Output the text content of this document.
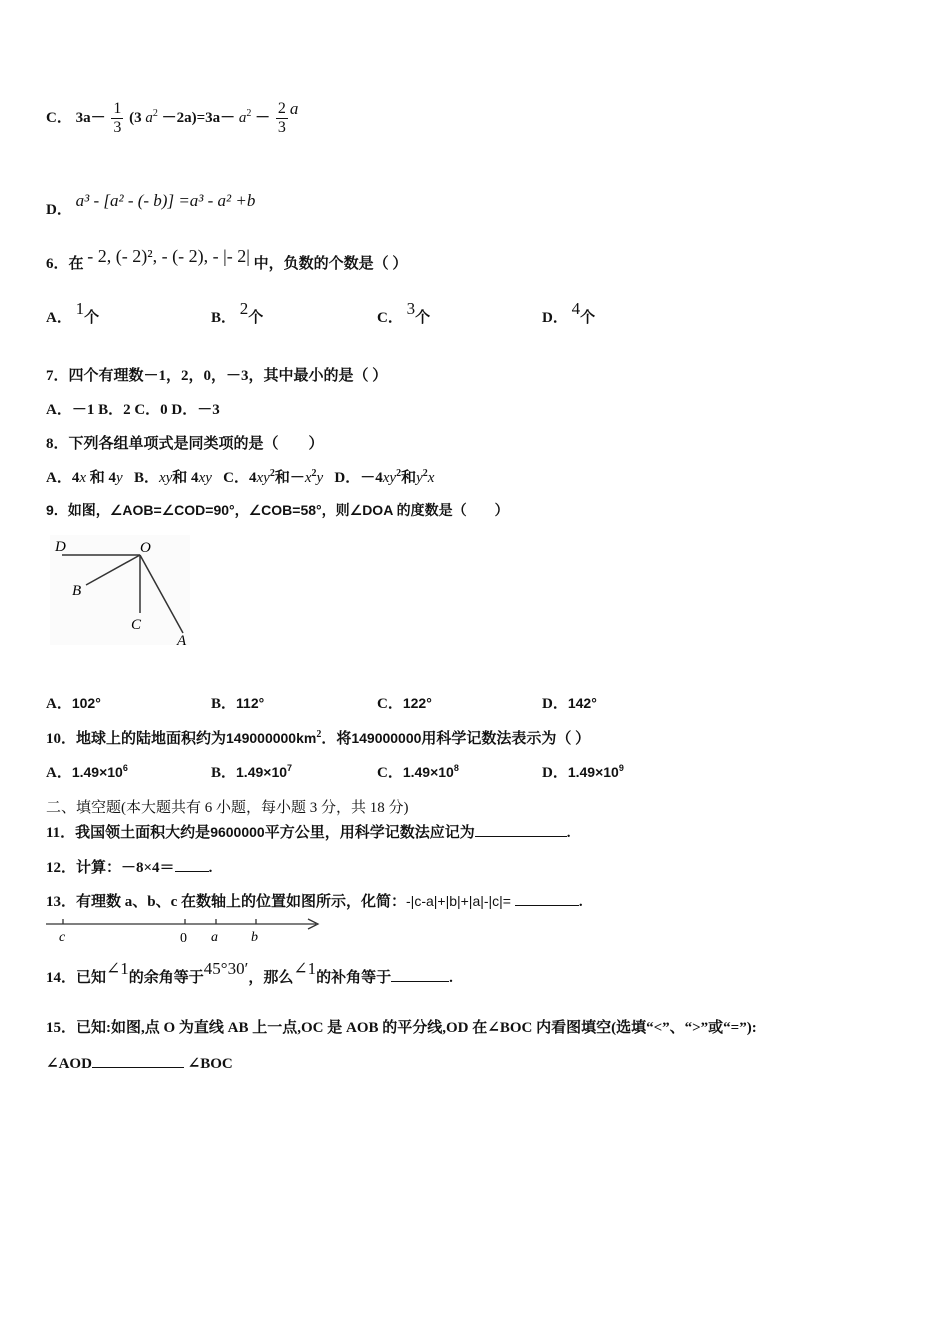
C． $3a- \frac{1}{3} (3$ $a^2 -2a)=3a- a^2 - \frac{2}{3}$ a
D． a³ - [a² - (- b)] =a³ - a² +b
6．在 - 2, (- 2)², - (- 2), - |- 2| 中，负数的个数是（ ）
A． 1个	B． 2个	C． 3个	D． 4个
7．四个有理数－1，2，0，－3，其中最小的是（ ）
A．－1 B．2 C．0 D．－3
8．下列各组单项式是同类项的是（　　）
A．4x 和 4y   B．xy和 4xy   C．$4xy^2$和$-x^2y$   D．$-4xy^2$和$y^2x$
9．如图，∠AOB=∠COD=90°，∠COB=58°，则∠DOA 的度数是（　　）
D	O
B
C
A
A．102°	B．112°	C．122°	D．142°
10．地球上的陆地面积约为$149000000km^2$．将149000000用科学记数法表示为（ ）
A．$1.49\times 10^6$	B．$1.49\times 10^7$	C．$1.49\times 10^8$	D．$1.49\times 10^9$
二、填空题(本大题共有 6 小题，每小题 3 分，共 18 分)
11．我国领土面积大约是9600000平方公里，用科学记数法应记为	.
12．计算：－8×4＝ .
13．有理数 a、b、c 在数轴上的位置如图所示，化简：-|c-a|+|b|+|a|-|c|=	.
c	0 a b
14．已知∠1的余角等于45°30′，那么∠1的补角等于	.
15．已知:如图,点 O 为直线 AB 上一点,OC 是 AOB 的平分线,OD 在∠BOC 内看图填空(选填“<”、“>”或“=”):
∠AOD	∠BOC
